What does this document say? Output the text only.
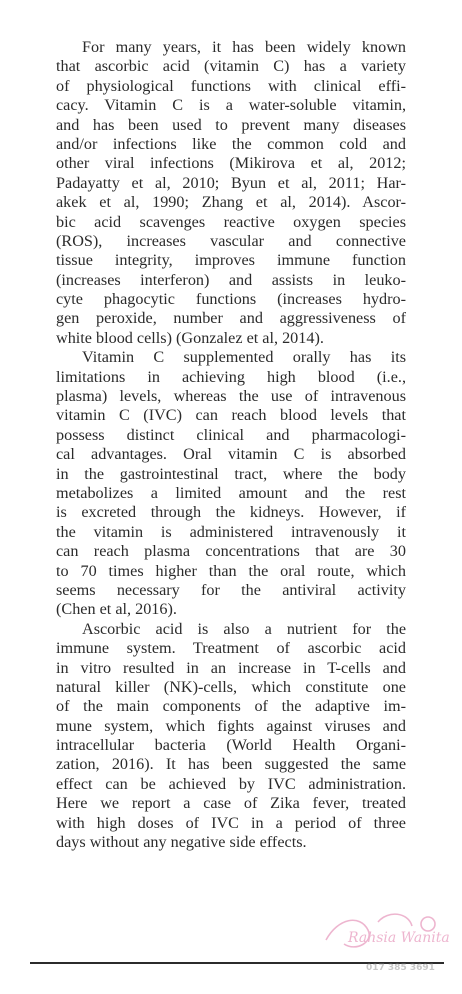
For many years, it has been widely known
that ascorbic acid (vitamin C) has a variety
of physiological functions with clinical effi-
cacy. Vitamin C is a water-soluble vitamin,
and has been used to prevent many diseases
and/or infections like the common cold and
other viral infections (Mikirova et al, 2012;
Padayatty et al, 2010; Byun et al, 2011; Har-
akek et al, 1990; Zhang et al, 2014). Ascor-
bic acid scavenges reactive oxygen species
(ROS), increases vascular and connective
tissue integrity, improves immune function
(increases interferon) and assists in leuko-
cyte phagocytic functions (increases hydro-
gen peroxide, number and aggressiveness of
white blood cells) (Gonzalez et al, 2014).
Vitamin C supplemented orally has its
limitations in achieving high blood (i.e.,
plasma) levels, whereas the use of intravenous
vitamin C (IVC) can reach blood levels that
possess distinct clinical and pharmacologi-
cal advantages. Oral vitamin C is absorbed
in the gastrointestinal tract, where the body
metabolizes a limited amount and the rest
is excreted through the kidneys. However, if
the vitamin is administered intravenously it
can reach plasma concentrations that are 30
to 70 times higher than the oral route, which
seems necessary for the antiviral activity
(Chen et al, 2016).
Ascorbic acid is also a nutrient for the
immune system. Treatment of ascorbic acid
in vitro resulted in an increase in T-cells and
natural killer (NK)-cells, which constitute one
of the main components of the adaptive im-
mune system, which fights against viruses and
intracellular bacteria (World Health Organi-
zation, 2016). It has been suggested the same
effect can be achieved by IVC administration.
Here we report a case of Zika fever, treated
with high doses of IVC in a period of three
days without any negative side effects.
Rahsia Wanita
017 385 3691
